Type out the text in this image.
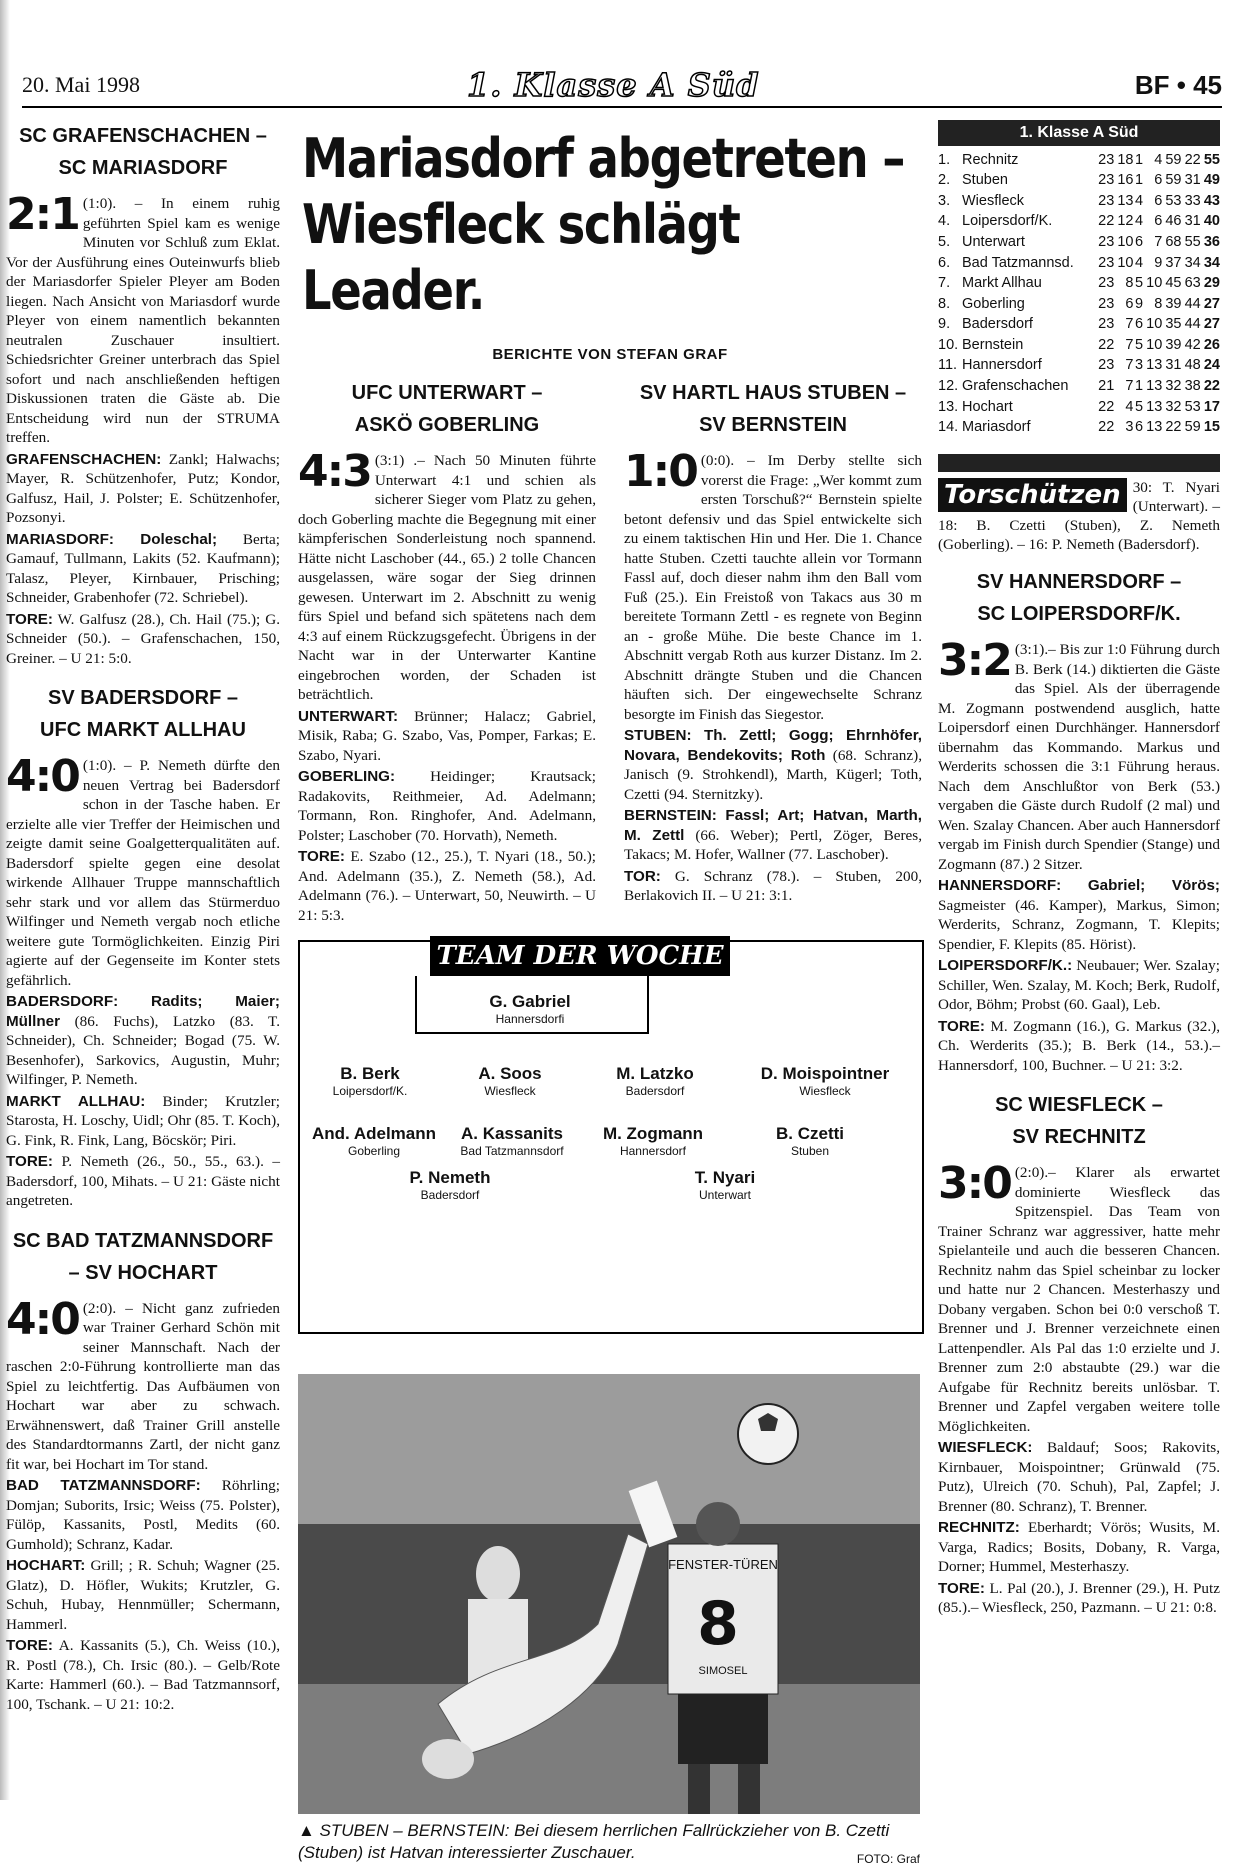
20. Mai 1998	1. Klasse A Süd	BF • 45
SC GRAFENSCHACHEN –
SC MARIASDORF

2:1 (1:0). – In einem ruhig geführten Spiel kam es wenige Minuten vor Schluß zum Eklat. Vor der Ausführung eines Outeinwurfs blieb der Mariasdorfer Spieler Pleyer am Boden liegen. Nach Ansicht von Mariasdorf wurde Pleyer von einem namentlich bekannten neutralen Zuschauer insultiert. Schiedsrichter Greiner unterbrach das Spiel sofort und nach anschließenden heftigen Diskussionen traten die Gäste ab. Die Entscheidung wird nun der STRUMA treffen.

GRAFENSCHACHEN: Zankl; Halwachs; Mayer, R. Schützenhofer, Putz; Kondor, Galfusz, Hail, J. Polster; E. Schützenhofer, Pozsonyi.

MARIASDORF: Doleschal; Berta; Gamauf, Tullmann, Lakits (52. Kaufmann); Talasz, Pleyer, Kirnbauer, Prisching; Schneider, Grabenhofer (72. Schriebel).

TORE: W. Galfusz (28.), Ch. Hail (75.); G. Schneider (50.). – Grafenschachen, 150, Greiner. – U 21: 5:0.

SV BADERSDORF –
UFC MARKT ALLHAU

4:0 (1:0). – P. Nemeth dürfte den neuen Vertrag bei Badersdorf schon in der Tasche haben. Er erzielte alle vier Treffer der Heimischen und zeigte damit seine Goalgetterqualitäten auf. Badersdorf spielte gegen eine desolat wirkende Allhauer Truppe mannschaftlich sehr stark und vor allem das Stürmerduo Wilfinger und Nemeth vergab noch etliche weitere gute Tormöglichkeiten. Einzig Piri agierte auf der Gegenseite im Konter stets gefährlich.

BADERSDORF: Radits; Maier; Müllner (86. Fuchs), Latzko (83. T. Schneider), Ch. Schneider; Bogad (75. W. Besenhofer), Sarkovics, Augustin, Muhr; Wilfinger, P. Nemeth.

MARKT ALLHAU: Binder; Krutzler; Starosta, H. Loschy, Uidl; Ohr (85. T. Koch), G. Fink, R. Fink, Lang, Böcskör; Piri.

TORE: P. Nemeth (26., 50., 55., 63.). – Badersdorf, 100, Mihats. – U 21: Gäste nicht angetreten.

SC BAD TATZMANNSDORF
– SV HOCHART

4:0 (2:0). – Nicht ganz zufrieden war Trainer Gerhard Schön mit seiner Mannschaft. Nach der raschen 2:0-Führung kontrollierte man das Spiel zu leichtfertig. Das Aufbäumen von Hochart war aber zu schwach. Erwähnenswert, daß Trainer Grill anstelle des Standardtormanns Zartl, der nicht ganz fit war, bei Hochart im Tor stand.

BAD TATZMANNSDORF: Röhrling; Domjan; Suborits, Irsic; Weiss (75. Polster), Fülöp, Kassanits, Postl, Medits (60. Gumhold); Schranz, Kadar.

HOCHART: Grill; ; R. Schuh; Wagner (25. Glatz), D. Höfler, Wukits; Krutzler, G. Schuh, Hubay, Hennmüller; Schermann, Hammerl.

TORE: A. Kassanits (5.), Ch. Weiss (10.), R. Postl (78.), Ch. Irsic (80.). – Gelb/Rote Karte: Hammerl (60.). – Bad Tatzmannsorf, 100, Tschank. – U 21: 10:2.

Mariasdorf abgetreten –
Wiesfleck schlägt Leader.
BERICHTE VON STEFAN GRAF
UFC UNTERWART –
ASKÖ GOBERLING

4:3 (3:1) .– Nach 50 Minuten führte Unterwart 4:1 und schien als sicherer Sieger vom Platz zu gehen, doch Goberling machte die Begegnung mit einer kämpferischen Sonderleistung noch spannend. Hätte nicht Laschober (44., 65.) 2 tolle Chancen ausgelassen, wäre sogar der Sieg drinnen gewesen. Unterwart im 2. Abschnitt zu wenig fürs Spiel und befand sich spätetens nach dem 4:3 auf einem Rückzugsgefecht. Übrigens in der Nacht war in der Unterwarter Kantine eingebrochen worden, der Schaden ist beträchtlich.

UNTERWART: Brünner; Halacz; Gabriel, Misik, Raba; G. Szabo, Vas, Pomper, Farkas; E. Szabo, Nyari.

GOBERLING: Heidinger; Krautsack; Radakovits, Reithmeier, Ad. Adelmann; Tormann, Ron. Ringhofer, And. Adelmann, Polster; Laschober (70. Horvath), Nemeth.

TORE: E. Szabo (12., 25.), T. Nyari (18., 50.); And. Adelmann (35.), Z. Nemeth (58.), Ad. Adelmann (76.). – Unterwart, 50, Neuwirth. – U 21: 5:3.

SV HARTL HAUS STUBEN –
SV BERNSTEIN

1:0 (0:0). – Im Derby stellte sich vorerst die Frage: „Wer kommt zum ersten Torschuß?“ Bernstein spielte betont defensiv und das Spiel entwickelte sich zu einem taktischen Hin und Her. Die 1. Chance hatte Stuben. Czetti tauchte allein vor Tormann Fassl auf, doch dieser nahm ihm den Ball vom Fuß (25.). Ein Freistoß von Takacs aus 30 m bereitete Tormann Zettl - es regnete von Beginn an - große Mühe. Die beste Chance im 1. Abschnitt vergab Roth aus kurzer Distanz. Im 2. Abschnitt drängte Stuben und die Chancen häuften sich. Der eingewechselte Schranz besorgte im Finish das Siegestor.

STUBEN: Th. Zettl; Gogg; Ehrnhöfer, Novara, Bendekovits; Roth (68. Schranz), Janisch (9. Strohkendl), Marth, Kügerl; Toth, Czetti (94. Sternitzky).

BERNSTEIN: Fassl; Art; Hatvan, Marth, M. Zettl (66. Weber); Pertl, Zöger, Beres, Takacs; M. Hofer, Wallner (77. Laschober).

TOR: G. Schranz (78.). – Stuben, 200, Berlakovich II. – U 21: 3:1.

TEAM DER WOCHE
G. Gabriel
Hannersdorfi
B. Berk
Loipersdorf/K.
A. Soos
Wiesfleck
M. Latzko
Badersdorf
D. Moispointner
Wiesfleck
And. Adelmann
Goberling
A. Kassanits
Bad Tatzmannsdorf
M. Zogmann
Hannersdorf
B. Czetti
Stuben
P. Nemeth
Badersdorf
T. Nyari
Unterwart
8
FENSTER-TÜREN
SIMOSEL
▲ STUBEN – BERNSTEIN: Bei diesem herrlichen Fallrückzieher von B. Czetti (Stuben) ist Hatvan interessierter Zuschauer.	FOTO: Graf
1. Klasse A Süd
1.	Rechnitz	23	18	1	4	59	22	55
2.	Stuben	23	16	1	6	59	31	49
3.	Wiesfleck	23	13	4	6	53	33	43
4.	Loipersdorf/K.	22	12	4	6	46	31	40
5.	Unterwart	23	10	6	7	68	55	36
6.	Bad Tatzmannsd.	23	10	4	9	37	34	34
7.	Markt Allhau	23	8	5	10	45	63	29
8.	Goberling	23	6	9	8	39	44	27
9.	Badersdorf	23	7	6	10	35	44	27
10.	Bernstein	22	7	5	10	39	42	26
11.	Hannersdorf	23	7	3	13	31	48	24
12.	Grafenschachen	21	7	1	13	32	38	22
13.	Hochart	22	4	5	13	32	53	17
14.	Mariasdorf	22	3	6	13	22	59	15
Torschützen 30: T. Nyari (Unterwart). – 18: B. Czetti (Stuben), Z. Nemeth (Goberling). – 16: P. Nemeth (Badersdorf).
SV HANNERSDORF –
SC LOIPERSDORF/K.

3:2 (3:1).– Bis zur 1:0 Führung durch B. Berk (14.) diktierten die Gäste das Spiel. Als der überragende M. Zogmann postwendend ausglich, hatte Loipersdorf einen Durchhänger. Hannersdorf übernahm das Kommando. Markus und Werderits schossen die 3:1 Führung heraus. Nach dem Anschlußtor von Berk (53.) vergaben die Gäste durch Rudolf (2 mal) und Wen. Szalay Chancen. Aber auch Hannersdorf vergab im Finish durch Spendier (Stange) und Zogmann (87.) 2 Sitzer.

HANNERSDORF: Gabriel; Vörös; Sagmeister (46. Kamper), Markus, Simon; Werderits, Schranz, Zogmann, T. Klepits; Spendier, F. Klepits (85. Hörist).

LOIPERSDORF/K.: Neubauer; Wer. Szalay; Schiller, Wen. Szalay, M. Koch; Berk, Rudolf, Odor, Böhm; Probst (60. Gaal), Leb.

TORE: M. Zogmann (16.), G. Markus (32.), Ch. Werderits (35.); B. Berk (14., 53.).– Hannersdorf, 100, Buchner. – U 21: 3:2.

SC WIESFLECK –
SV RECHNITZ

3:0 (2:0).– Klarer als erwartet dominierte Wiesfleck das Spitzenspiel. Das Team von Trainer Schranz war aggressiver, hatte mehr Spielanteile und auch die besseren Chancen. Rechnitz nahm das Spiel scheinbar zu locker und hatte nur 2 Chancen. Mesterhaszy und Dobany vergaben. Schon bei 0:0 verschoß T. Brenner und J. Brenner verzeichnete einen Lattenpendler. Als Pal das 1:0 erzielte und J. Brenner zum 2:0 abstaubte (29.) war die Aufgabe für Rechnitz bereits unlösbar. T. Brenner und Zapfel vergaben weitere tolle Möglichkeiten.

WIESFLECK: Baldauf; Soos; Rakovits, Kirnbauer, Moispointner; Grünwald (75. Putz), Ulreich (70. Schuh), Pal, Zapfel; J. Brenner (80. Schranz), T. Brenner.

RECHNITZ: Eberhardt; Vörös; Wusits, M. Varga, Radics; Bosits, Dobany, R. Varga, Dorner; Hummel, Mesterhaszy.

TORE: L. Pal (20.), J. Brenner (29.), H. Putz (85.).– Wiesfleck, 250, Pazmann. – U 21: 0:8.
